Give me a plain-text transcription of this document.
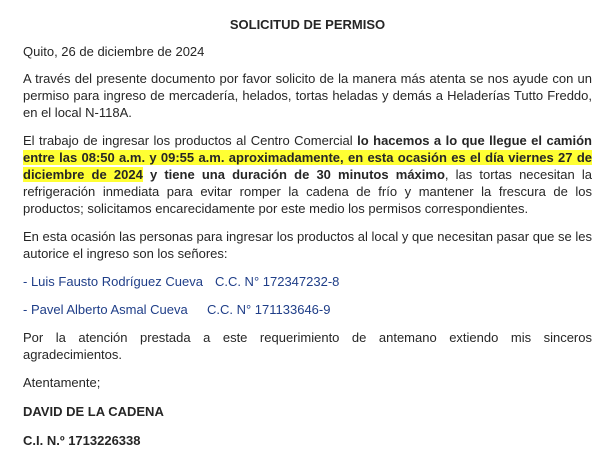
SOLICITUD DE PERMISO

Quito, 26 de diciembre de 2024

A través del presente documento por favor solicito de la manera más atenta se nos ayude con un permiso para ingreso de mercadería, helados, tortas heladas y demás a Heladerías Tutto Freddo, en el local N-118A.

El trabajo de ingresar los productos al Centro Comercial lo hacemos a lo que llegue el camión entre las 08:50 a.m. y 09:55 a.m. aproximadamente, en esta ocasión es el día viernes 27 de diciembre de 2024 y tiene una duración de 30 minutos máximo, las tortas necesitan la refrigeración inmediata para evitar romper la cadena de frío y mantener la frescura de los productos; solicitamos encarecidamente por este medio los permisos correspondientes.

En esta ocasión las personas para ingresar los productos al local y que necesitan pasar que se les autorice el ingreso son los señores:

- Luis Fausto Rodríguez Cueva C.C. N° 172347232-8

- Pavel Alberto Asmal Cueva  C.C. N° 171133646-9

Por la atención prestada a este requerimiento de antemano extiendo mis sinceros agradecimientos.

Atentamente;

DAVID DE LA CADENA

C.I. N.º 1713226338
